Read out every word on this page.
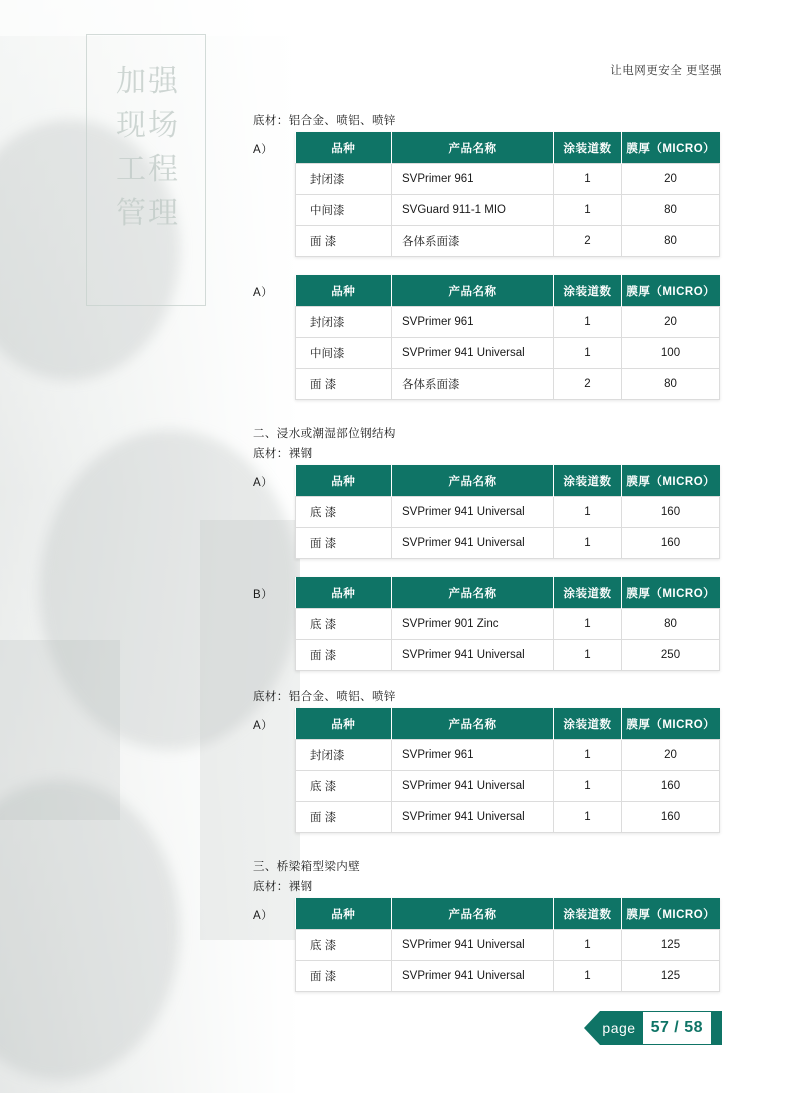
加强现场工程管理
让电网更安全 更坚强
底材：铝合金、喷铝、喷锌
A）	品种	产品名称	涂装道数	膜厚（MICRO）
封闭漆	SVPrimer 961	1	20
中间漆	SVGuard 911-1 MIO	1	80
面 漆	各体系面漆	2	80
A）	品种	产品名称	涂装道数	膜厚（MICRO）
封闭漆	SVPrimer 961	1	20
中间漆	SVPrimer 941 Universal	1	100
面 漆	各体系面漆	2	80
二、浸水或潮湿部位钢结构
底材：裸钢
A）	品种	产品名称	涂装道数	膜厚（MICRO）
底 漆	SVPrimer 941 Universal	1	160
面 漆	SVPrimer 941 Universal	1	160
B）	品种	产品名称	涂装道数	膜厚（MICRO）
底 漆	SVPrimer 901 Zinc	1	80
面 漆	SVPrimer 941 Universal	1	250
底材：铝合金、喷铝、喷锌
A）	品种	产品名称	涂装道数	膜厚（MICRO）
封闭漆	SVPrimer 961	1	20
底 漆	SVPrimer 941 Universal	1	160
面 漆	SVPrimer 941 Universal	1	160
三、桥梁箱型梁内壁
底材：裸钢
A）	品种	产品名称	涂装道数	膜厚（MICRO）
底 漆	SVPrimer 941 Universal	1	125
面 漆	SVPrimer 941 Universal	1	125
page 57 / 58
